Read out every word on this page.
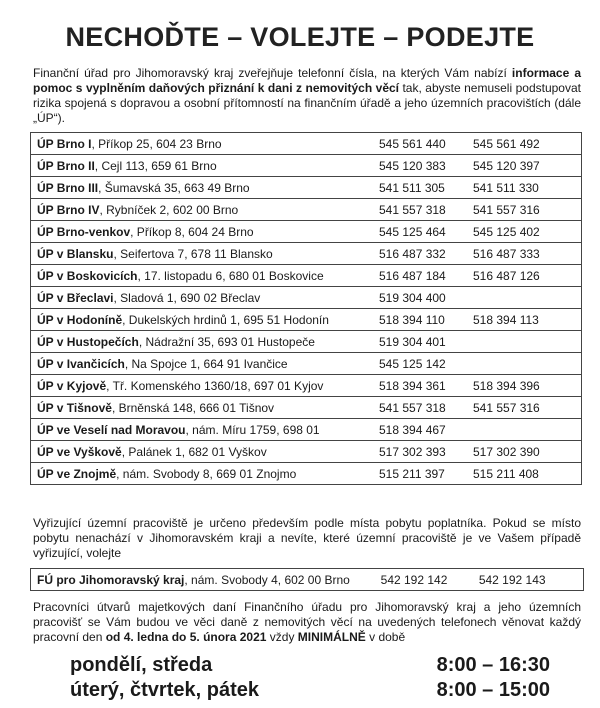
NECHOĎTE – VOLEJTE – PODEJTE
Finanční úřad pro Jihomoravský kraj zveřejňuje telefonní čísla, na kterých Vám nabízí informace a pomoc s vyplněním daňových přiznání k dani z nemovitých věcí tak, abyste nemuseli podstupovat rizika spojená s dopravou a osobní přítomností na finančním úřadě a jeho územních pracovištích (dále „ÚP“).
ÚP Brno I, Příkop 25, 604 23 Brno	545 561 440	545 561 492
ÚP Brno II, Cejl 113, 659 61 Brno	545 120 383	545 120 397
ÚP Brno III, Šumavská 35, 663 49 Brno	541 511 305	541 511 330
ÚP Brno IV, Rybníček 2, 602 00 Brno	541 557 318	541 557 316
ÚP Brno-venkov, Příkop 8, 604 24 Brno	545 125 464	545 125 402
ÚP v Blansku, Seifertova 7, 678 11 Blansko	516 487 332	516 487 333
ÚP v Boskovicích, 17. listopadu 6, 680 01 Boskovice	516 487 184	516 487 126
ÚP v Břeclavi, Sladová 1, 690 02 Břeclav	519 304 400	
ÚP v Hodoníně, Dukelských hrdinů 1, 695 51 Hodonín	518 394 110	518 394 113
ÚP v Hustopečích, Nádražní 35, 693 01 Hustopeče	519 304 401	
ÚP v Ivančicích, Na Spojce 1, 664 91 Ivančice	545 125 142	
ÚP v Kyjově, Tř. Komenského 1360/18, 697 01 Kyjov	518 394 361	518 394 396
ÚP v Tišnově, Brněnská 148, 666 01 Tišnov	541 557 318	541 557 316
ÚP ve Veselí nad Moravou, nám. Míru 1759, 698 01	518 394 467	
ÚP ve Vyškově, Palánek 1, 682 01 Vyškov	517 302 393	517 302 390
ÚP ve Znojmě, nám. Svobody 8, 669 01 Znojmo	515 211 397	515 211 408
Vyřizující územní pracoviště je určeno především podle místa pobytu poplatníka. Pokud se místo pobytu nenachází v Jihomoravském kraji a nevíte, které územní pracoviště je ve Vašem případě vyřizující, volejte
FÚ pro Jihomoravský kraj, nám. Svobody 4, 602 00 Brno	542 192 142	542 192 143
Pracovníci útvarů majetkových daní Finančního úřadu pro Jihomoravský kraj a jeho územních pracovišť se Vám budou ve věci daně z nemovitých věcí na uvedených telefonech věnovat každý pracovní den od 4. ledna do 5. února 2021 vždy MINIMÁLNĚ v době
pondělí, středa	8:00 – 16:30
úterý, čtvrtek, pátek	8:00 – 15:00
